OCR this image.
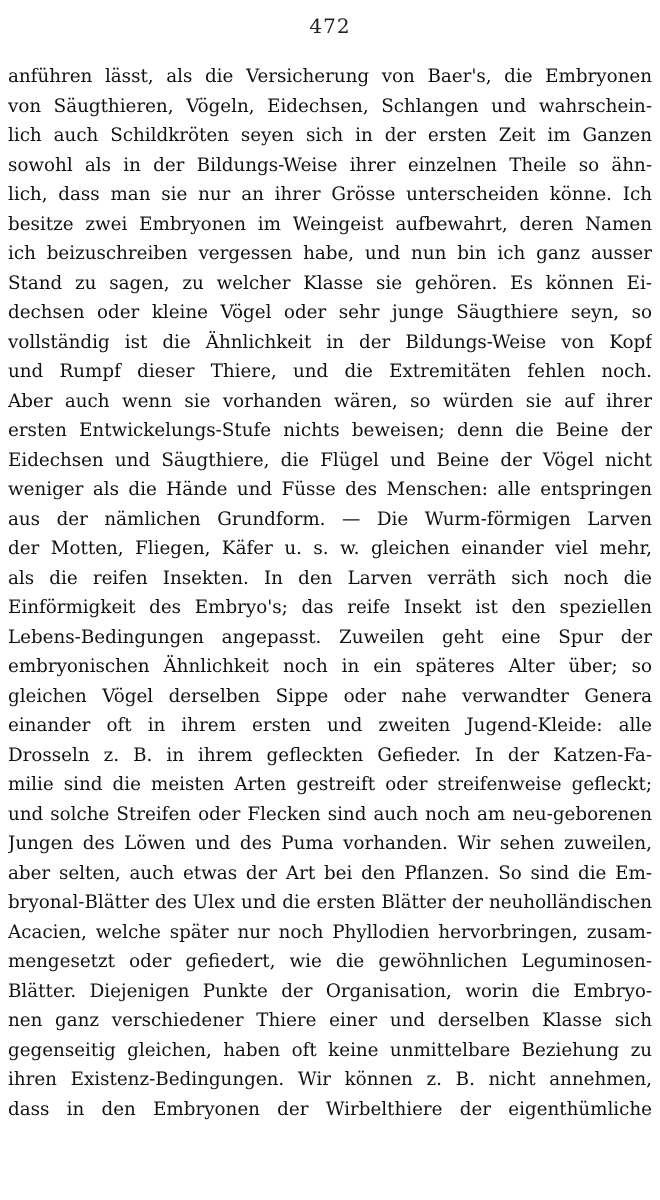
472
anführen lässt, als die Versicherung von Baer's, die Embryonen
von Säugthieren, Vögeln, Eidechsen, Schlangen und wahrschein-
lich auch Schildkröten seyen sich in der ersten Zeit im Ganzen
sowohl als in der Bildungs-Weise ihrer einzelnen Theile so ähn-
lich, dass man sie nur an ihrer Grösse unterscheiden könne. Ich
besitze zwei Embryonen im Weingeist aufbewahrt, deren Namen
ich beizuschreiben vergessen habe, und nun bin ich ganz ausser
Stand zu sagen, zu welcher Klasse sie gehören. Es können Ei-
dechsen oder kleine Vögel oder sehr junge Säugthiere seyn, so
vollständig ist die Ähnlichkeit in der Bildungs-Weise von Kopf
und Rumpf dieser Thiere, und die Extremitäten fehlen noch.
Aber auch wenn sie vorhanden wären, so würden sie auf ihrer
ersten Entwickelungs-Stufe nichts beweisen; denn die Beine der
Eidechsen und Säugthiere, die Flügel und Beine der Vögel nicht
weniger als die Hände und Füsse des Menschen: alle entspringen
aus der nämlichen Grundform. — Die Wurm-förmigen Larven
der Motten, Fliegen, Käfer u. s. w. gleichen einander viel mehr,
als die reifen Insekten. In den Larven verräth sich noch die
Einförmigkeit des Embryo's; das reife Insekt ist den speziellen
Lebens-Bedingungen angepasst. Zuweilen geht eine Spur der
embryonischen Ähnlichkeit noch in ein späteres Alter über; so
gleichen Vögel derselben Sippe oder nahe verwandter Genera
einander oft in ihrem ersten und zweiten Jugend-Kleide: alle
Drosseln z. B. in ihrem gefleckten Gefieder. In der Katzen-Fa-
milie sind die meisten Arten gestreift oder streifenweise gefleckt;
und solche Streifen oder Flecken sind auch noch am neu-geborenen
Jungen des Löwen und des Puma vorhanden. Wir sehen zuweilen,
aber selten, auch etwas der Art bei den Pflanzen. So sind die Em-
bryonal-Blätter des Ulex und die ersten Blätter der neuholländischen
Acacien, welche später nur noch Phyllodien hervorbringen, zusam-
mengesetzt oder gefiedert, wie die gewöhnlichen Leguminosen-
Blätter. Diejenigen Punkte der Organisation, worin die Embryo-
nen ganz verschiedener Thiere einer und derselben Klasse sich
gegenseitig gleichen, haben oft keine unmittelbare Beziehung zu
ihren Existenz-Bedingungen. Wir können z. B. nicht annehmen,
dass in den Embryonen der Wirbelthiere der eigenthümliche
